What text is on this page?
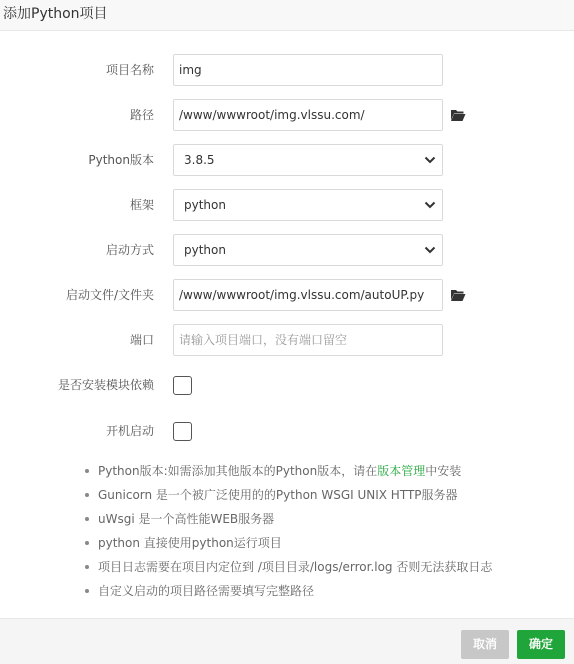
添加Python项目
项目名称 img
路径 /www/wwwroot/img.vlssu.com/
Python版本	3.8.5
框架	python
启动方式	python
启动文件/文件夹 /www/wwwroot/img.vlssu.com/autoUP.py
端口 请输入项目端口，没有端口留空
是否安装模块依赖
开机启动
Python版本:如需添加其他版本的Python版本，请在版本管理中安装
Gunicorn 是一个被广泛使用的的Python WSGI UNIX HTTP服务器
uWsgi 是一个高性能WEB服务器
python 直接使用python运行项目
项目日志需要在项目内定位到 /项目目录/logs/error.log 否则无法获取日志
自定义启动的项目路径需要填写完整路径
取消	确定
